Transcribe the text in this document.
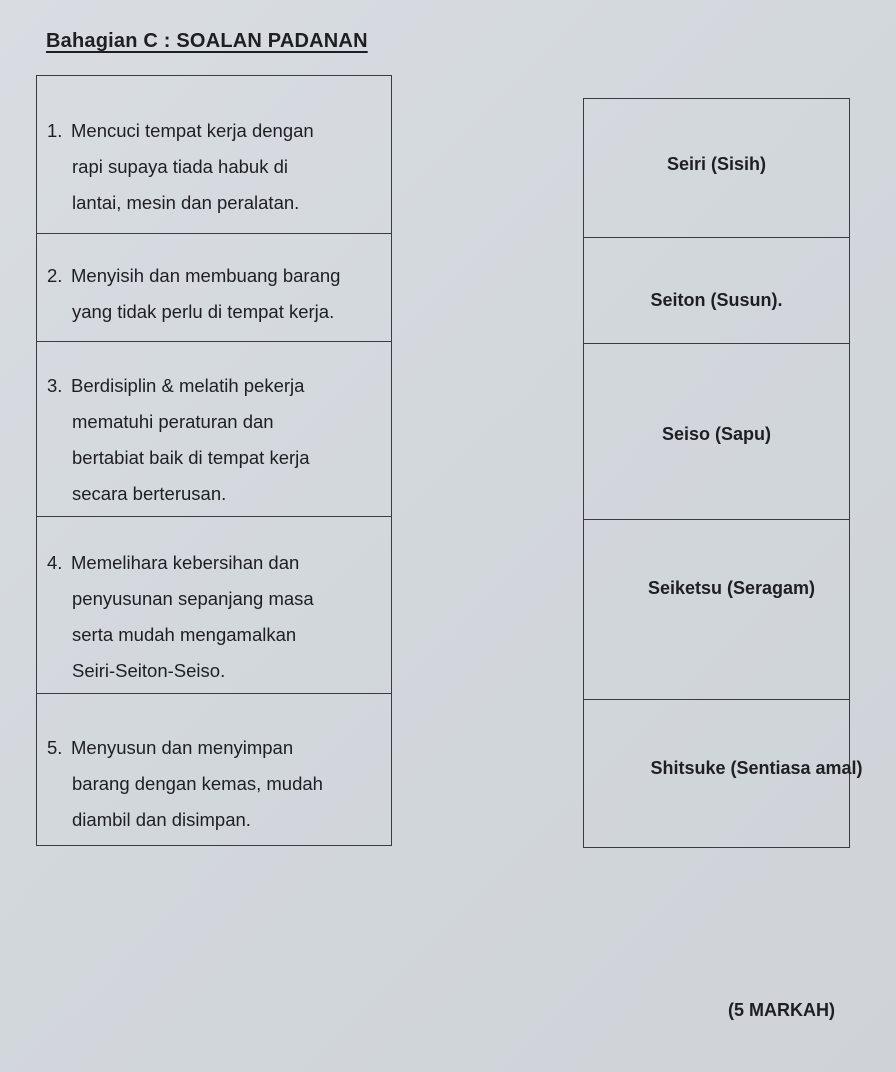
Bahagian C : SOALAN PADANAN
1. Mencuci tempat kerja dengan
rapi supaya tiada habuk di
lantai, mesin dan peralatan.
2. Menyisih dan membuang barang
yang tidak perlu di tempat kerja.
3. Berdisiplin & melatih pekerja
mematuhi peraturan dan
bertabiat baik di tempat kerja
secara berterusan.
4. Memelihara kebersihan dan
penyusunan sepanjang masa
serta mudah mengamalkan
Seiri-Seiton-Seiso.
5. Menyusun dan menyimpan
barang dengan kemas, mudah
diambil dan disimpan.
Seiri (Sisih)
Seiton (Susun).
Seiso (Sapu)
Seiketsu (Seragam)
Shitsuke (Sentiasa amal)
(5 MARKAH)
